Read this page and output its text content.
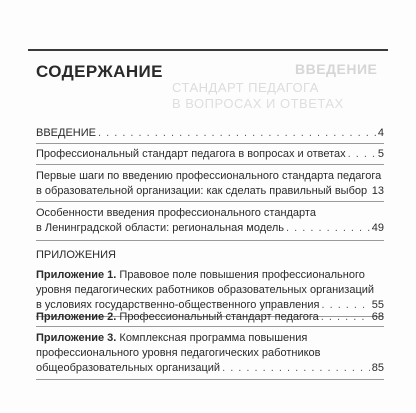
ВВЕДЕНИЕ
СТАНДАРТ ПЕДАГОГА
В ВОПРОСАХ И ОТВЕТАХ
СОДЕРЖАНИЕ
ВВЕДЕНИЕ . . .	4
Профессиональный стандарт педагога в вопросах и ответах . . .	5
Первые шаги по введению профессионального стандарта педагога
в образовательной организации: как сделать правильный выбор . . . 13
Особенности введения профессионального стандарта
в Ленинградской области: региональная модель . . .	49
ПРИЛОЖЕНИЯ
Приложение 1.
Правовое поле повышения профессионального
уровня педагогических работников образовательных организаций
в условиях государственно-общественного управления . . .	55
Приложение 2.
Профессиональный стандарт педагога . . .	68
Приложение 3.
Комплексная программа повышения
профессионального уровня педагогических работников
общеобразовательных организаций . . .	85
